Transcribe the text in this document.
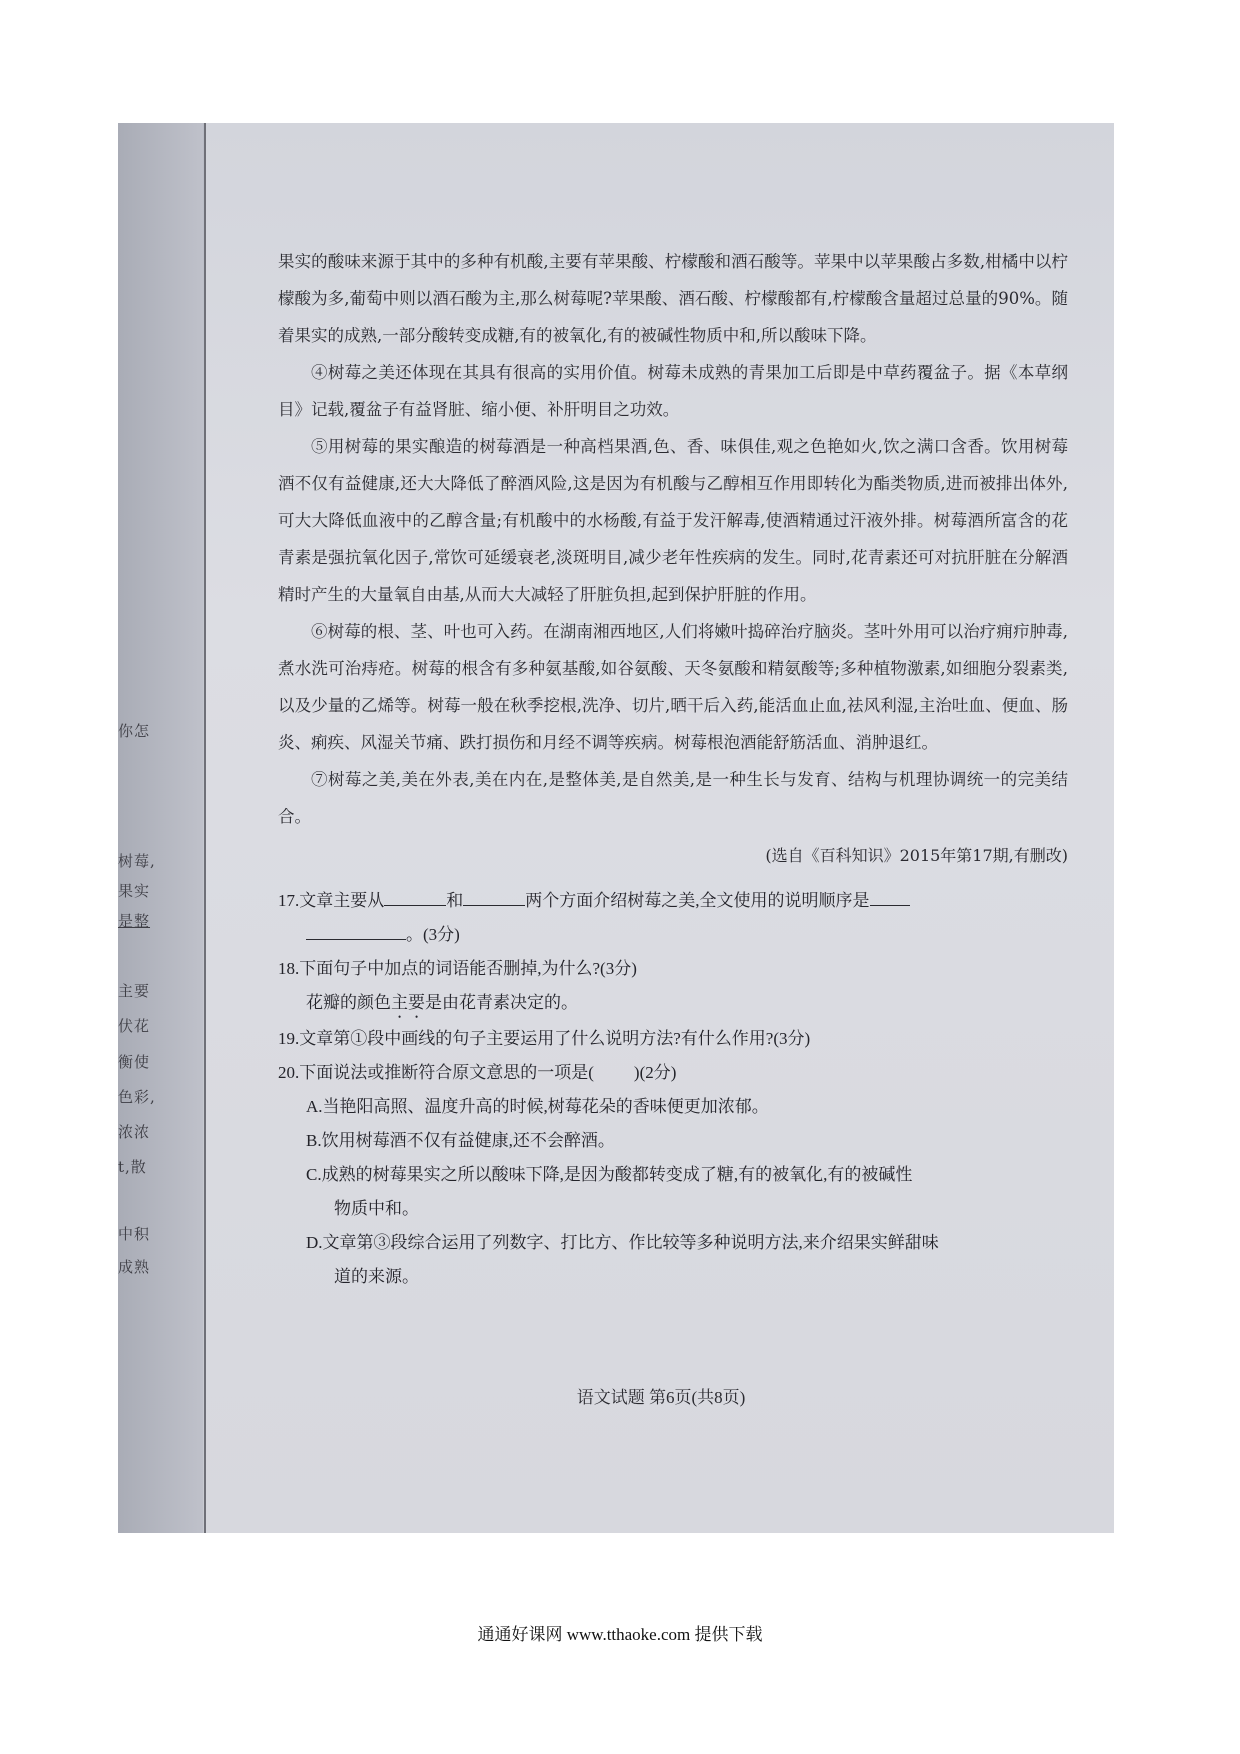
你怎
树莓,
果实
是整
主要
伏花
衡使
色彩,
浓浓
t,散
中积
成熟

果实的酸味来源于其中的多种有机酸,主要有苹果酸、柠檬酸和酒石酸等。苹果中以苹果酸占多数,柑橘中以柠檬酸为多,葡萄中则以酒石酸为主,那么树莓呢?苹果酸、酒石酸、柠檬酸都有,柠檬酸含量超过总量的90%。随着果实的成熟,一部分酸转变成糖,有的被氧化,有的被碱性物质中和,所以酸味下降。

④树莓之美还体现在其具有很高的实用价值。树莓未成熟的青果加工后即是中草药覆盆子。据《本草纲目》记载,覆盆子有益肾脏、缩小便、补肝明目之功效。

⑤用树莓的果实酿造的树莓酒是一种高档果酒,色、香、味俱佳,观之色艳如火,饮之满口含香。饮用树莓酒不仅有益健康,还大大降低了醉酒风险,这是因为有机酸与乙醇相互作用即转化为酯类物质,进而被排出体外,可大大降低血液中的乙醇含量;有机酸中的水杨酸,有益于发汗解毒,使酒精通过汗液外排。树莓酒所富含的花青素是强抗氧化因子,常饮可延缓衰老,淡斑明目,减少老年性疾病的发生。同时,花青素还可对抗肝脏在分解酒精时产生的大量氧自由基,从而大大减轻了肝脏负担,起到保护肝脏的作用。

⑥树莓的根、茎、叶也可入药。在湖南湘西地区,人们将嫩叶捣碎治疗脑炎。茎叶外用可以治疗痈疖肿毒,煮水洗可治痔疮。树莓的根含有多种氨基酸,如谷氨酸、天冬氨酸和精氨酸等;多种植物激素,如细胞分裂素类,以及少量的乙烯等。树莓一般在秋季挖根,洗净、切片,晒干后入药,能活血止血,祛风利湿,主治吐血、便血、肠炎、痢疾、风湿关节痛、跌打损伤和月经不调等疾病。树莓根泡酒能舒筋活血、消肿退红。

⑦树莓之美,美在外表,美在内在,是整体美,是自然美,是一种生长与发育、结构与机理协调统一的完美结合。

(选自《百科知识》2015年第17期,有删改)
17.文章主要从	和	两个方面介绍树莓之美,全文使用的说明顺序是
。(3分)
18.下面句子中加点的词语能否删掉,为什么?(3分)
花瓣的颜色主要是由花青素决定的。
19.文章第①段中画线的句子主要运用了什么说明方法?有什么作用?(3分)
20.下面说法或推断符合原文意思的一项是( )(2分)
A.当艳阳高照、温度升高的时候,树莓花朵的香味便更加浓郁。
B.饮用树莓酒不仅有益健康,还不会醉酒。
C.成熟的树莓果实之所以酸味下降,是因为酸都转变成了糖,有的被氧化,有的被碱性
物质中和。
D.文章第③段综合运用了列数字、打比方、作比较等多种说明方法,来介绍果实鲜甜味
道的来源。
语文试题 第6页(共8页)
通通好课网 www.tthaoke.com 提供下载
